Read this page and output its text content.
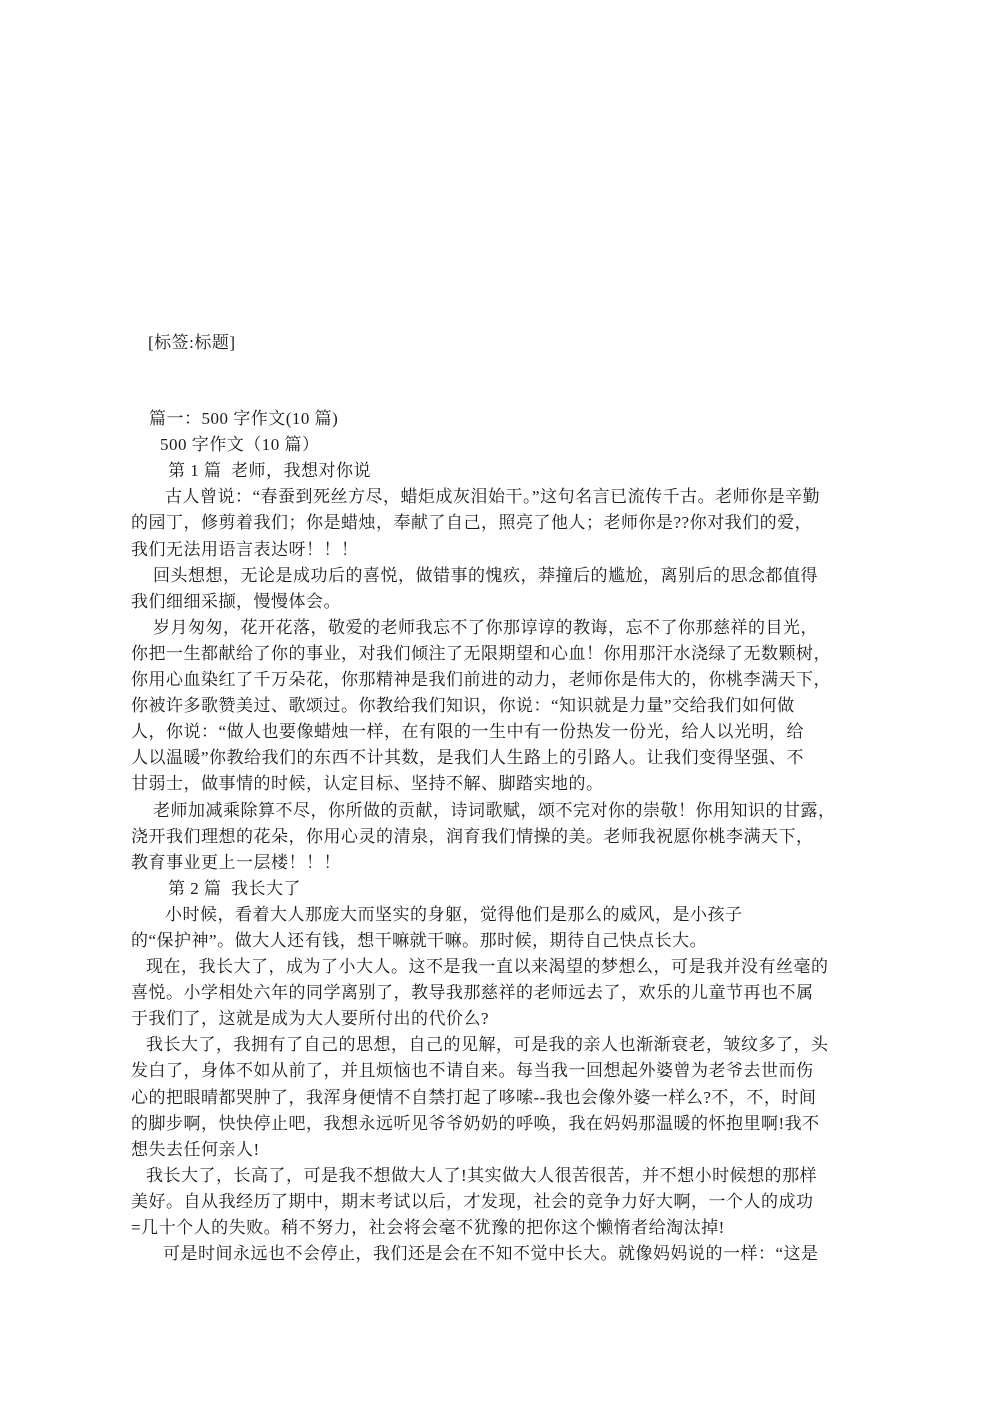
[标签:标题]
篇一：500 字作文(10 篇)
500 字作文（10 篇）
第 1 篇  老师，我想对你说
古人曾说：“春蚕到死丝方尽，蜡炬成灰泪始干。”这句名言已流传千古。老师你是辛勤
的园丁，修剪着我们；你是蜡烛，奉献了自己，照亮了他人；老师你是??你对我们的爱，
我们无法用语言表达呀！！！
回头想想，无论是成功后的喜悦，做错事的愧疚，莽撞后的尴尬，离别后的思念都值得
我们细细采撷，慢慢体会。
岁月匆匆，花开花落，敬爱的老师我忘不了你那谆谆的教诲，忘不了你那慈祥的目光，
你把一生都献给了你的事业，对我们倾注了无限期望和心血！你用那汗水浇绿了无数颗树，
你用心血染红了千万朵花，你那精神是我们前进的动力，老师你是伟大的，你桃李满天下，
你被许多歌赞美过、歌颂过。你教给我们知识，你说：“知识就是力量”交给我们如何做
人，你说：“做人也要像蜡烛一样，在有限的一生中有一份热发一份光，给人以光明，给
人以温暖”你教给我们的东西不计其数，是我们人生路上的引路人。让我们变得坚强、不
甘弱士，做事情的时候，认定目标、坚持不解、脚踏实地的。
老师加减乘除算不尽，你所做的贡献，诗词歌赋，颂不完对你的崇敬！你用知识的甘露，
浇开我们理想的花朵，你用心灵的清泉，润育我们情操的美。老师我祝愿你桃李满天下，
教育事业更上一层楼！！！
第 2 篇  我长大了
小时候，看着大人那庞大而坚实的身躯，觉得他们是那么的威风，是小孩子
的“保护神”。做大人还有钱，想干嘛就干嘛。那时候，期待自己快点长大。
现在，我长大了，成为了小大人。这不是我一直以来渴望的梦想么，可是我并没有丝毫的
喜悦。小学相处六年的同学离别了，教导我那慈祥的老师远去了，欢乐的儿童节再也不属
于我们了，这就是成为大人要所付出的代价么?
我长大了，我拥有了自己的思想，自己的见解，可是我的亲人也渐渐衰老，皱纹多了，头
发白了，身体不如从前了，并且烦恼也不请自来。每当我一回想起外婆曾为老爷去世而伤
心的把眼晴都哭肿了，我浑身便情不自禁打起了哆嗦--我也会像外婆一样么?不，不，时间
的脚步啊，快快停止吧，我想永远听见爷爷奶奶的呼唤，我在妈妈那温暖的怀抱里啊!我不
想失去任何亲人!
我长大了，长高了，可是我不想做大人了!其实做大人很苦很苦，并不想小时候想的那样
美好。自从我经历了期中，期末考试以后，才发现，社会的竞争力好大啊，一个人的成功
=几十个人的失败。稍不努力，社会将会毫不犹豫的把你这个懒惰者给淘汰掉!
可是时间永远也不会停止，我们还是会在不知不觉中长大。就像妈妈说的一样：“这是
